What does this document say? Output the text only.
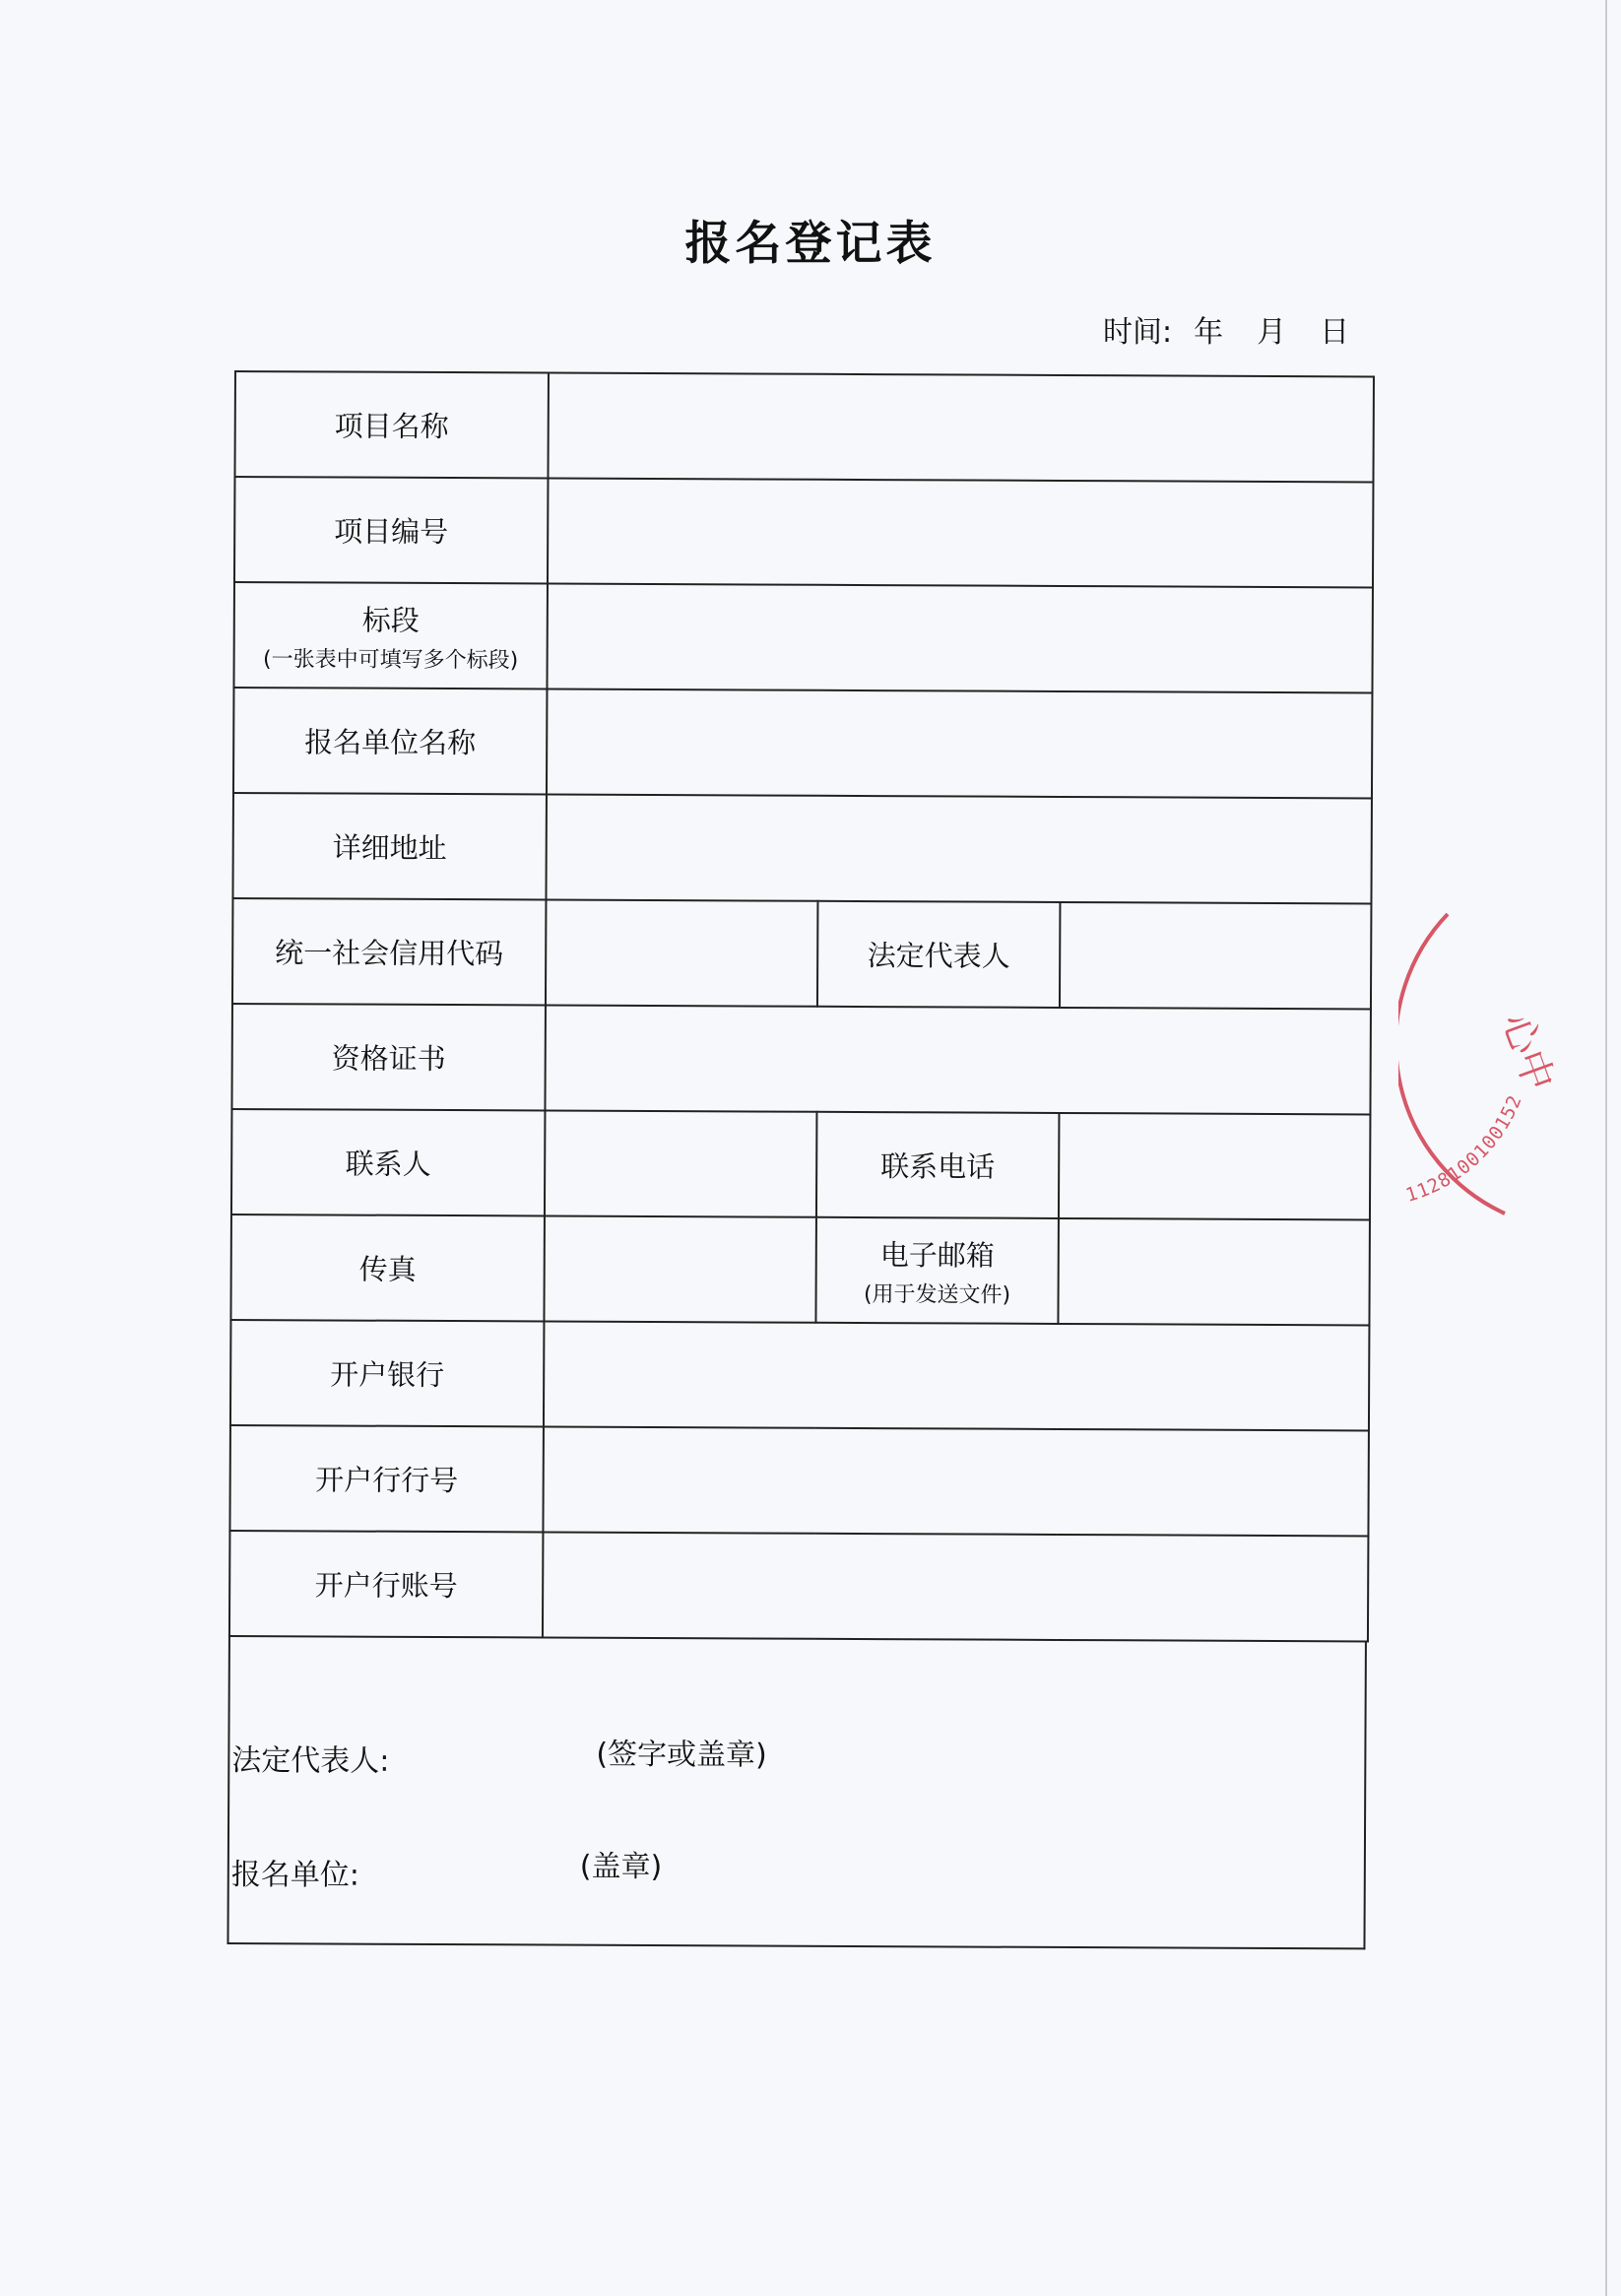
报名登记表
时间: 年 月 日
项目名称			
项目编号			
标段
(一张表中可填写多个标段)			

报名单位名称			
详细地址			
统一社会信用代码		法定代表人	
资格证书			
联系人		联系电话	
传真		电子邮箱
(用于发送文件)	

开户银行			
开户行行号			
开户行账号			
法定代表人:	(签字或盖章)
报名单位:	(盖章)
心中
1128100100152
